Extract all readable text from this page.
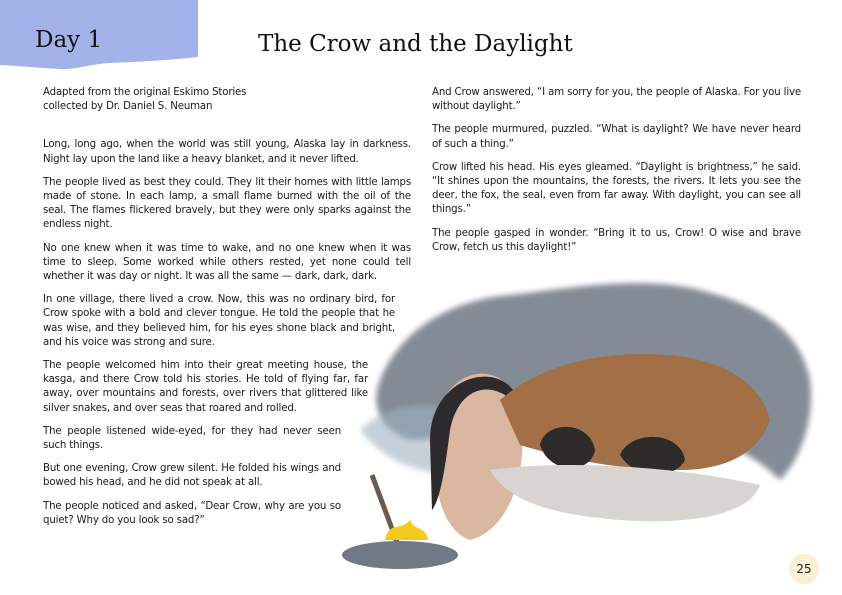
Day 1	The Crow and the Daylight

Adapted from the original Eskimo Stories
collected by Dr. Daniel S. Neuman

Long, long ago, when the world was still young, Alaska lay in darkness. Night lay upon the land like a heavy blanket, and it never lifted.

The people lived as best they could. They lit their homes with little lamps made of stone. In each lamp, a small flame burned with the oil of the seal. The flames flickered bravely, but they were only sparks against the endless night.

No one knew when it was time to wake, and no one knew when it was time to sleep. Some worked while others rested, yet none could tell whether it was day or night. It was all the same — dark, dark, dark.

In one village, there lived a crow. Now, this was no ordinary bird, for Crow spoke with a bold and clever tongue. He told the people that he was wise, and they believed him, for his eyes shone black and bright, and his voice was strong and sure.

The people welcomed him into their great meeting house, the kasga, and there Crow told his stories. He told of flying far, far away, over mountains and forests, over rivers that glittered like silver snakes, and over seas that roared and rolled.

The people listened wide-eyed, for they had never seen such things.

But one evening, Crow grew silent. He folded his wings and bowed his head, and he did not speak at all.

The people noticed and asked, “Dear Crow, why are you so quiet? Why do you look so sad?”

And Crow answered, “I am sorry for you, the people of Alaska. For you live without daylight.”

The people murmured, puzzled. “What is daylight? We have never heard of such a thing.”

Crow lifted his head. His eyes gleamed. “Daylight is brightness,” he said. “It shines upon the mountains, the forests, the rivers. It lets you see the deer, the fox, the seal, even from far away. With daylight, you can see all things.”

The people gasped in wonder. “Bring it to us, Crow! O wise and brave Crow, fetch us this daylight!”

25
